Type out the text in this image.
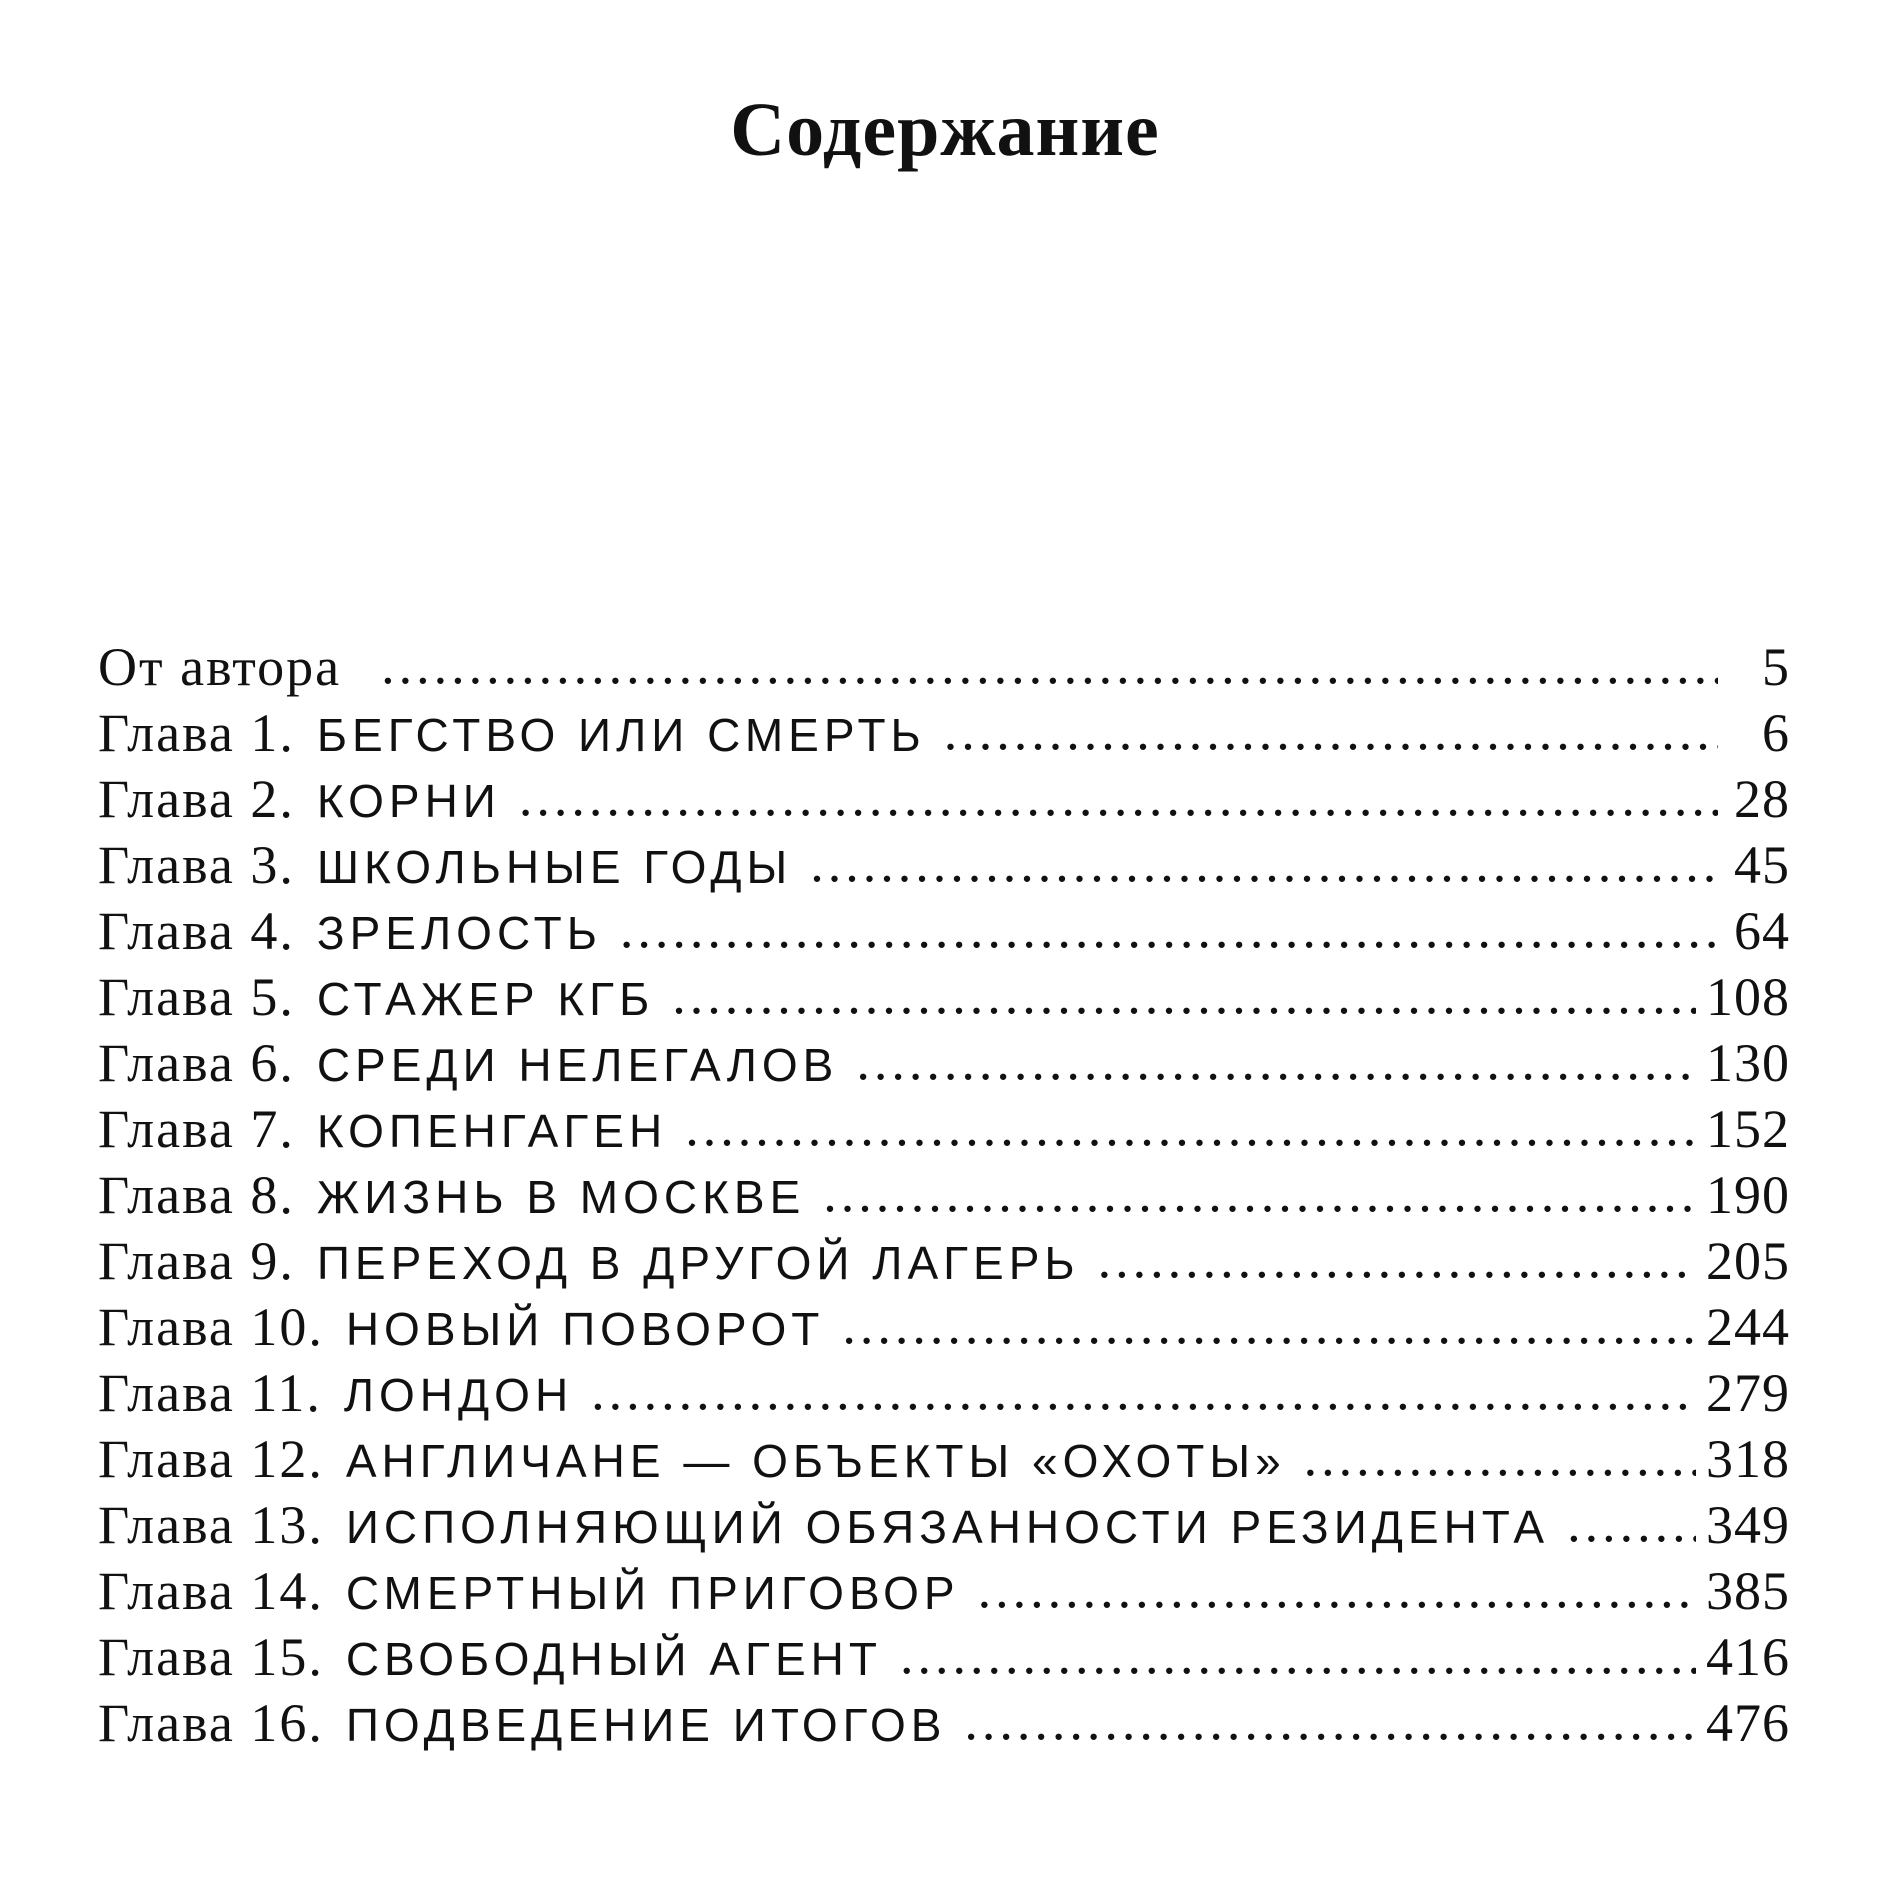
Содержание
От автора .....	5
Глава 1. БЕГСТВО ИЛИ СМЕРТЬ .....	6
Глава 2. КОРНИ .....	28
Глава 3. ШКОЛЬНЫЕ ГОДЫ .....	45
Глава 4. ЗРЕЛОСТЬ .....	64
Глава 5. СТАЖЕР КГБ .....	108
Глава 6. СРЕДИ НЕЛЕГАЛОВ .....	130
Глава 7. КОПЕНГАГЕН .....	152
Глава 8. ЖИЗНЬ В МОСКВЕ .....	190
Глава 9. ПЕРЕХОД В ДРУГОЙ ЛАГЕРЬ .....	205
Глава 10. НОВЫЙ ПОВОРОТ .....	244
Глава 11. ЛОНДОН .....	279
Глава 12. АНГЛИЧАНЕ — ОБЪЕКТЫ «ОХОТЫ» .....	318
Глава 13. ИСПОЛНЯЮЩИЙ ОБЯЗАННОСТИ РЕЗИДЕНТА .....	349
Глава 14. СМЕРТНЫЙ ПРИГОВОР .....	385
Глава 15. СВОБОДНЫЙ АГЕНТ .....	416
Глава 16. ПОДВЕДЕНИЕ ИТОГОВ .....	476
